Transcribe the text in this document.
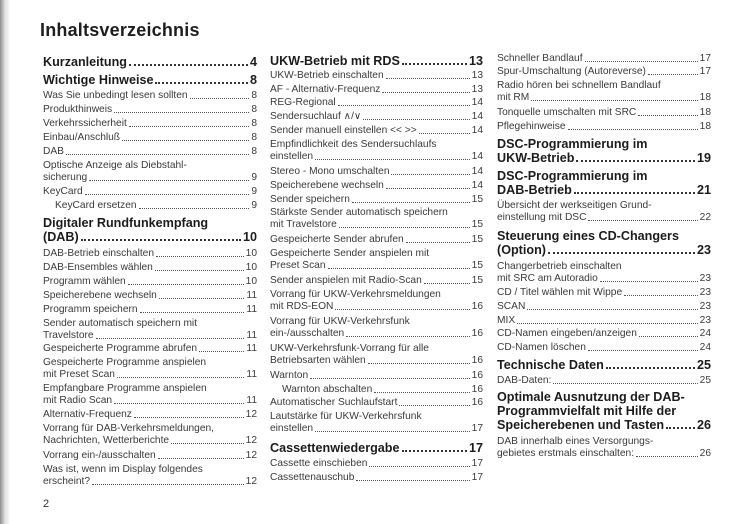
Inhaltsverzeichnis
Kurzanleitung	4
Wichtige Hinweise	8
Was Sie unbedingt lesen sollten	8
Produkthinweis	8
Verkehrssicherheit	8
Einbau/Anschluß	8
DAB	8
Optische Anzeige als Diebstahl-
sicherung	9
KeyCard	9
KeyCard ersetzen	9
Digitaler Rundfunkempfang
(DAB)	10
DAB-Betrieb einschalten	10
DAB-Ensembles wählen	10
Programm wählen	10
Speicherebene wechseln	11
Programm speichern	11
Sender automatisch speichern mit
Travelstore	11
Gespeicherte Programme abrufen	11
Gespeicherte Programme anspielen
mit Preset Scan	11
Empfangbare Programme anspielen
mit Radio Scan	11
Alternativ-Frequenz	12
Vorrang für DAB-Verkehrsmeldungen,
Nachrichten, Wetterberichte	12
Vorrang ein-/ausschalten	12
Was ist, wenn im Display folgendes
erscheint?	12
UKW-Betrieb mit RDS	13
UKW-Betrieb einschalten	13
AF - Alternativ-Frequenz	13
REG-Regional	14
Sendersuchlauf ∧/∨	14
Sender manuell einstellen << >>	14
Empfindlichkeit des Sendersuchlaufs
einstellen	14
Stereo - Mono umschalten	14
Speicherebene wechseln	14
Sender speichern	15
Stärkste Sender automatisch speichern
mit Travelstore	15
Gespeicherte Sender abrufen	15
Gespeicherte Sender anspielen mit
Preset Scan	15
Sender anspielen mit Radio-Scan	15
Vorrang für UKW-Verkehrsmeldungen
mit RDS-EON	16
Vorrang für UKW-Verkehrsfunk
ein-/ausschalten	16
UKW-Verkehrsfunk-Vorrang für alle
Betriebsarten wählen	16
Warnton	16
Warnton abschalten	16
Automatischer Suchlaufstart	16
Lautstärke für UKW-Verkehrsfunk
einstellen	17
Cassettenwiedergabe	17
Cassette einschieben	17
Cassettenauschub	17
Schneller Bandlauf	17
Spur-Umschaltung (Autoreverse)	17
Radio hören bei schnellem Bandlauf
mit RM	18
Tonquelle umschalten mit SRC	18
Pflegehinweise	18
DSC-Programmierung im
UKW-Betrieb	19
DSC-Programmierung im
DAB-Betrieb	21
Übersicht der werkseitigen Grund-
einstellung mit DSC	22
Steuerung eines CD-Changers
(Option)	23
Changerbetrieb einschalten
mit SRC am Autoradio	23
CD / Titel wählen mit Wippe	23
SCAN	23
MIX	23
CD-Namen eingeben/anzeigen	24
CD-Namen löschen	24
Technische Daten	25
DAB-Daten:	25
Optimale Ausnutzung der DAB-
Programmvielfalt mit Hilfe der
Speicherebenen und Tasten	26
DAB innerhalb eines Versorgungs-
gebietes erstmals einschalten:	26
2
